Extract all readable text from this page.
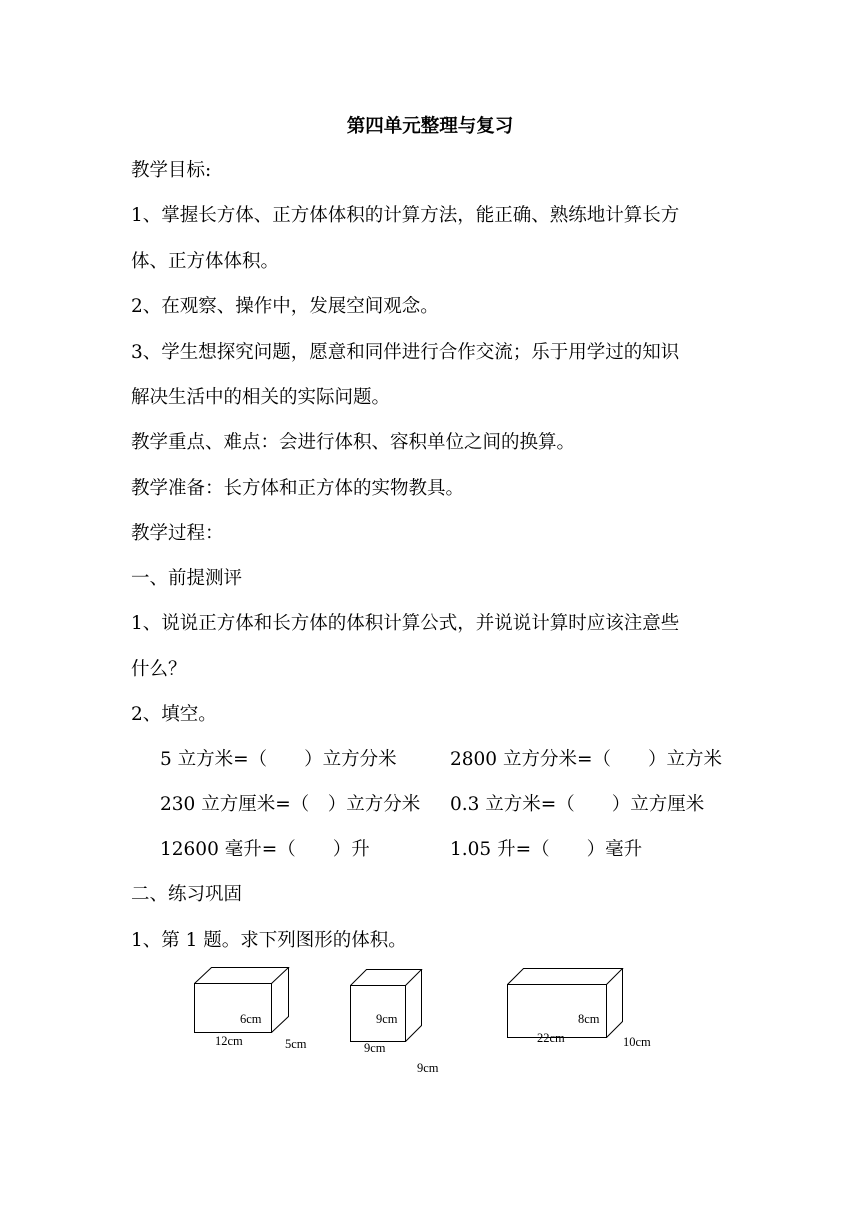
第四单元整理与复习
教学目标:
1、掌握长方体、正方体体积的计算方法，能正确、熟练地计算长方
体、正方体体积。
2、在观察、操作中，发展空间观念。
3、学生想探究问题，愿意和同伴进行合作交流；乐于用学过的知识
解决生活中的相关的实际问题。
教学重点、难点：会进行体积、容积单位之间的换算。
教学准备：长方体和正方体的实物教具。
教学过程：
一、前提测评
1、说说正方体和长方体的体积计算公式，并说说计算时应该注意些
什么？
2、填空。
5 立方米=（　　）立方分米	2800 立方分米=（　　）立方米
230 立方厘米=（　）立方分米 0.3 立方米=（　　）立方厘米
12600 毫升=（　　）升	1.05 升=（　　）毫升
二、练习巩固
1、第 1 题。求下列图形的体积。
6cm
12cm	5cm
9cm
9cm
9cm
8cm
22cm	10cm
